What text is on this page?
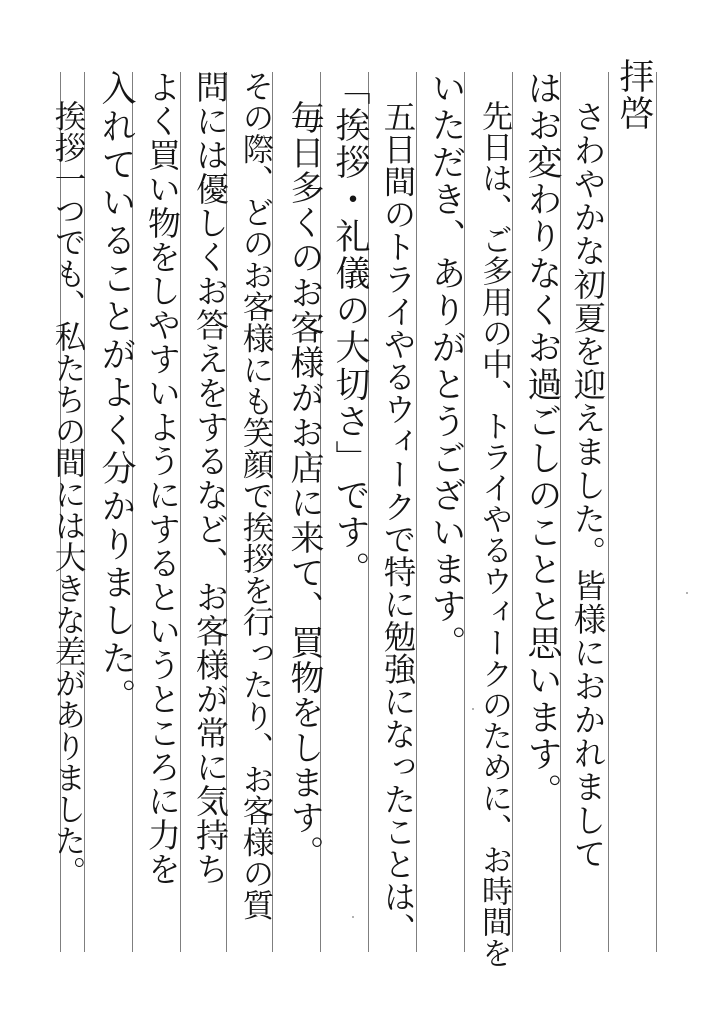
拝啓
さわやかな初夏を迎えました。皆様におかれまして
はお変わりなくお過ごしのことと思います。
先日は、ご多用の中、トライやるウィークのために、お時間を
いただき、ありがとうございます。
五日間のトライやるウィークで特に勉強になったことは、
「挨拶・礼儀の大切さ」です。
毎日多くのお客様がお店に来て、買物をします。
その際、どのお客様にも笑顔で挨拶を行ったり、お客様の質
問には優しくお答えをするなど、お客様が常に気持ち
よく買い物をしやすいようにするというところに力を
入れていることがよく分かりました。
挨拶一つでも、私たちの間には大きな差がありました。
